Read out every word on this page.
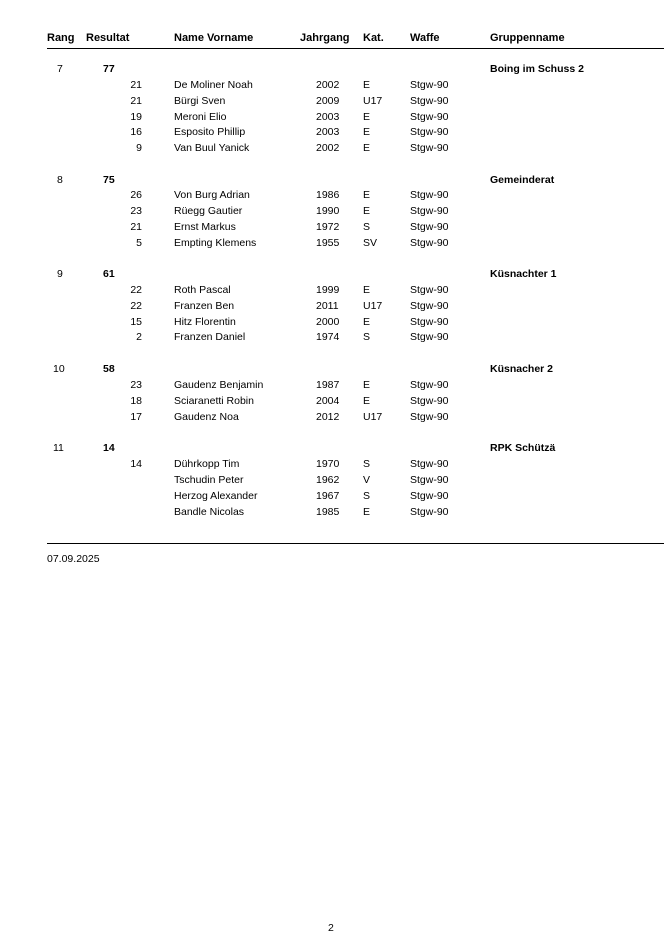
Rang Resultat	Name Vorname	Jahrgang Kat. Waffe	Gruppenname
7	77	Boing im Schuss 2
21	De Moliner Noah	2002 E	Stgw-90
21	Bürgi Sven	2009 U17	Stgw-90
19	Meroni Elio	2003 E	Stgw-90
16	Esposito Phillip	2003 E	Stgw-90
9	Van Buul Yanick	2002 E	Stgw-90
8	75	Gemeinderat
26	Von Burg Adrian	1986 E	Stgw-90
23	Rüegg Gautier	1990 E	Stgw-90
21	Ernst Markus	1972 S	Stgw-90
5	Empting Klemens	1955 SV	Stgw-90
9	61	Küsnachter 1
22	Roth Pascal	1999 E	Stgw-90
22	Franzen Ben	2011 U17	Stgw-90
15	Hitz Florentin	2000 E	Stgw-90
2	Franzen Daniel	1974 S	Stgw-90
10	58	Küsnacher 2
23	Gaudenz Benjamin	1987 E	Stgw-90
18	Sciaranetti Robin	2004 E	Stgw-90
17	Gaudenz Noa	2012 U17	Stgw-90
11	14	RPK Schützä
14	Dührkopp Tim	1970 S	Stgw-90
Tschudin Peter	1962 V	Stgw-90
Herzog Alexander	1967 S	Stgw-90
Bandle Nicolas	1985 E	Stgw-90
07.09.2025
2
